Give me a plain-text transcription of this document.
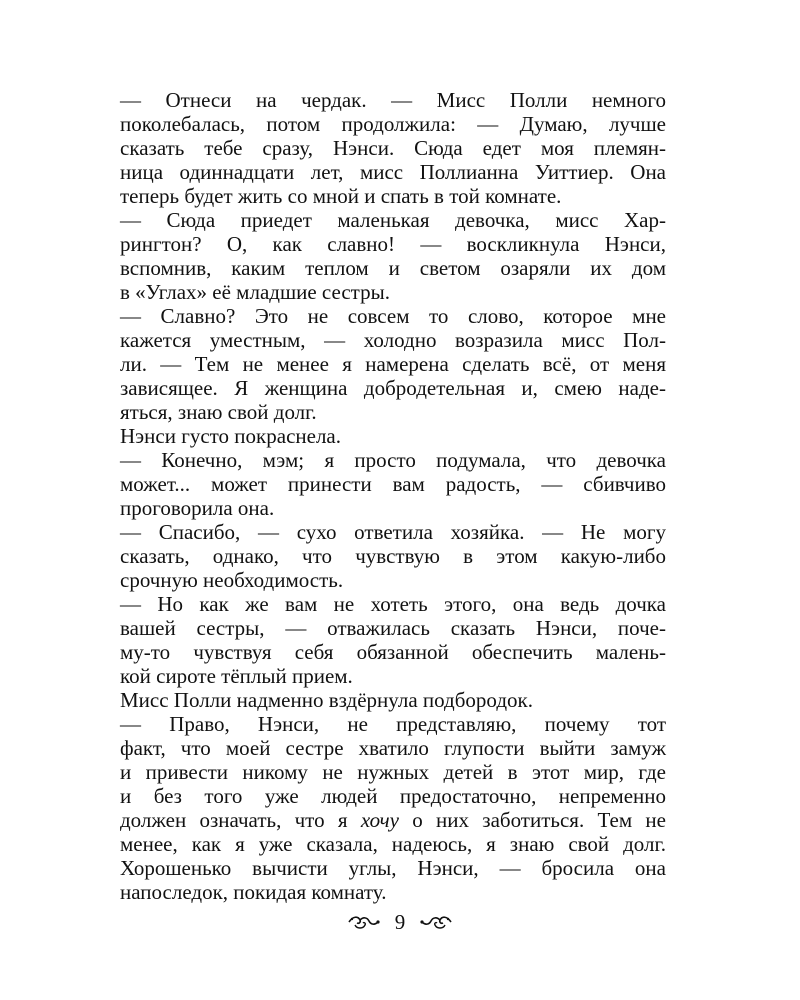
— Отнеси на чердак. — Мисс Полли немного
поколебалась, потом продолжила: — Думаю, лучше
сказать тебе сразу, Нэнси. Сюда едет моя племян-
ница одиннадцати лет, мисс Поллианна Уиттиер. Она
теперь будет жить со мной и спать в той комнате.
— Сюда приедет маленькая девочка, мисс Хар-
рингтон? О, как славно! — воскликнула Нэнси,
вспомнив, каким теплом и светом озаряли их дом
в «Углах» её младшие сестры.
— Славно? Это не совсем то слово, которое мне
кажется уместным, — холодно возразила мисс Пол-
ли. — Тем не менее я намерена сделать всё, от меня
зависящее. Я женщина добродетельная и, смею наде-
яться, знаю свой долг.
Нэнси густо покраснела.
— Конечно, мэм; я просто подумала, что девочка
может... может принести вам радость, — сбивчиво
проговорила она.
— Спасибо, — сухо ответила хозяйка. — Не могу
сказать, однако, что чувствую в этом какую-либо
срочную необходимость.
— Но как же вам не хотеть этого, она ведь дочка
вашей сестры, — отважилась сказать Нэнси, поче-
му-то чувствуя себя обязанной обеспечить малень-
кой сироте тёплый прием.
Мисс Полли надменно вздёрнула подбородок.
— Право, Нэнси, не представляю, почему тот
факт, что моей сестре хватило глупости выйти замуж
и привести никому не нужных детей в этот мир, где
и без того уже людей предостаточно, непременно
должен означать, что я хочу о них заботиться. Тем не
менее, как я уже сказала, надеюсь, я знаю свой долг.
Хорошенько вычисти углы, Нэнси, — бросила она
напоследок, покидая комнату.
9
